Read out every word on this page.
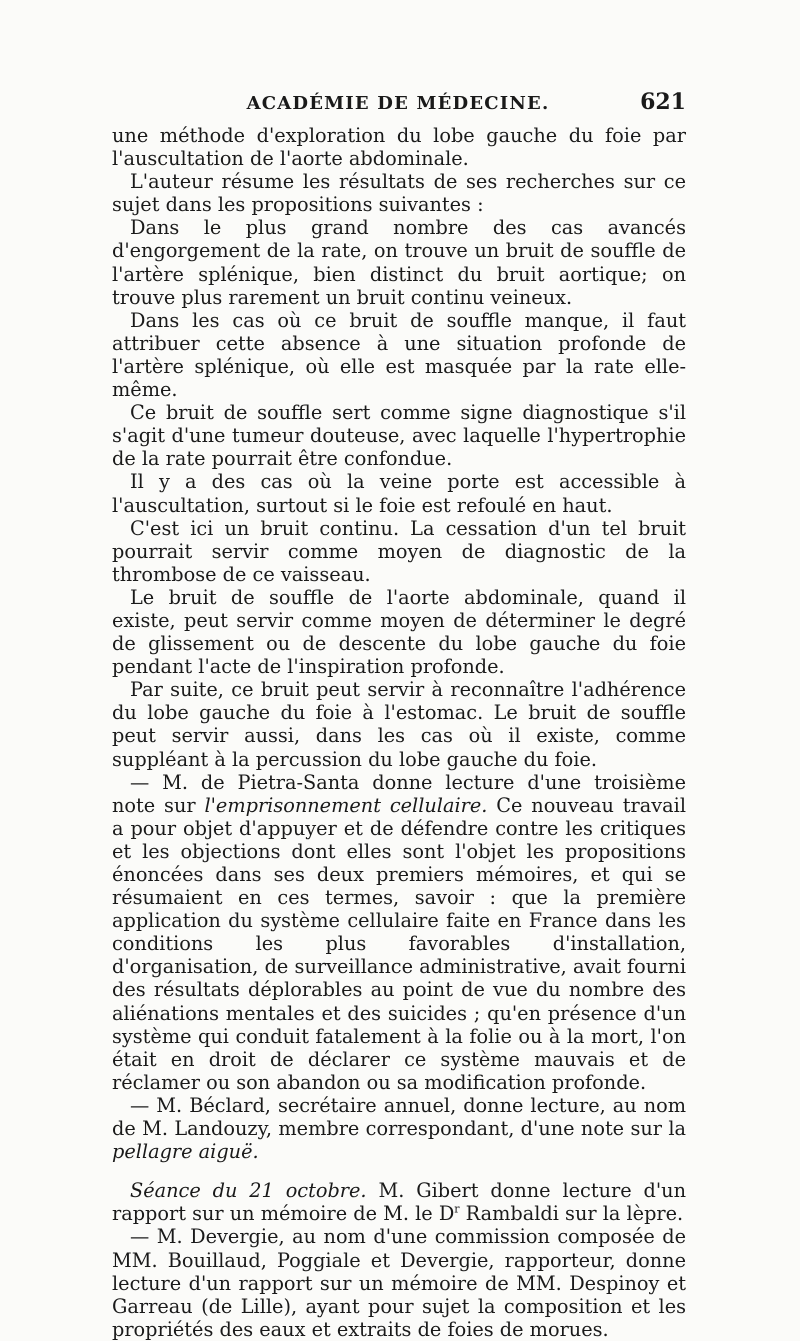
ACADÉMIE DE MÉDECINE.	621

une méthode d'exploration du lobe gauche du foie par l'auscultation de l'aorte abdominale.

L'auteur résume les résultats de ses recherches sur ce sujet dans les propositions suivantes :

Dans le plus grand nombre des cas avancés d'engorgement de la rate, on trouve un bruit de souffle de l'artère splénique, bien distinct du bruit aortique; on trouve plus rarement un bruit continu veineux.

Dans les cas où ce bruit de souffle manque, il faut attribuer cette absence à une situation profonde de l'artère splénique, où elle est masquée par la rate elle-même.

Ce bruit de souffle sert comme signe diagnostique s'il s'agit d'une tumeur douteuse, avec laquelle l'hypertrophie de la rate pourrait être confondue.

Il y a des cas où la veine porte est accessible à l'auscultation, surtout si le foie est refoulé en haut.

C'est ici un bruit continu. La cessation d'un tel bruit pourrait servir comme moyen de diagnostic de la thrombose de ce vaisseau.

Le bruit de souffle de l'aorte abdominale, quand il existe, peut servir comme moyen de déterminer le degré de glissement ou de descente du lobe gauche du foie pendant l'acte de l'inspiration profonde.

Par suite, ce bruit peut servir à reconnaître l'adhérence du lobe gauche du foie à l'estomac. Le bruit de souffle peut servir aussi, dans les cas où il existe, comme suppléant à la percussion du lobe gauche du foie.

— M. de Pietra-Santa donne lecture d'une troisième note sur l'emprisonnement cellulaire. Ce nouveau travail a pour objet d'appuyer et de défendre contre les critiques et les objections dont elles sont l'objet les propositions énoncées dans ses deux premiers mémoires, et qui se résumaient en ces termes, savoir : que la première application du système cellulaire faite en France dans les conditions les plus favorables d'installation, d'organisation, de surveillance administrative, avait fourni des résultats déplorables au point de vue du nombre des aliénations mentales et des suicides ; qu'en présence d'un système qui conduit fatalement à la folie ou à la mort, l'on était en droit de déclarer ce système mauvais et de réclamer ou son abandon ou sa modification profonde.

— M. Béclard, secrétaire annuel, donne lecture, au nom de M. Landouzy, membre correspondant, d'une note sur la pellagre aiguë.

Séance du 21 octobre. M. Gibert donne lecture d'un rapport sur un mémoire de M. le $D^r$ Rambaldi sur la lèpre.

— M. Devergie, au nom d'une commission composée de MM. Bouillaud, Poggiale et Devergie, rapporteur, donne lecture d'un rapport sur un mémoire de MM. Despinoy et Garreau (de Lille), ayant pour sujet la composition et les propriétés des eaux et extraits de foies de morues.
